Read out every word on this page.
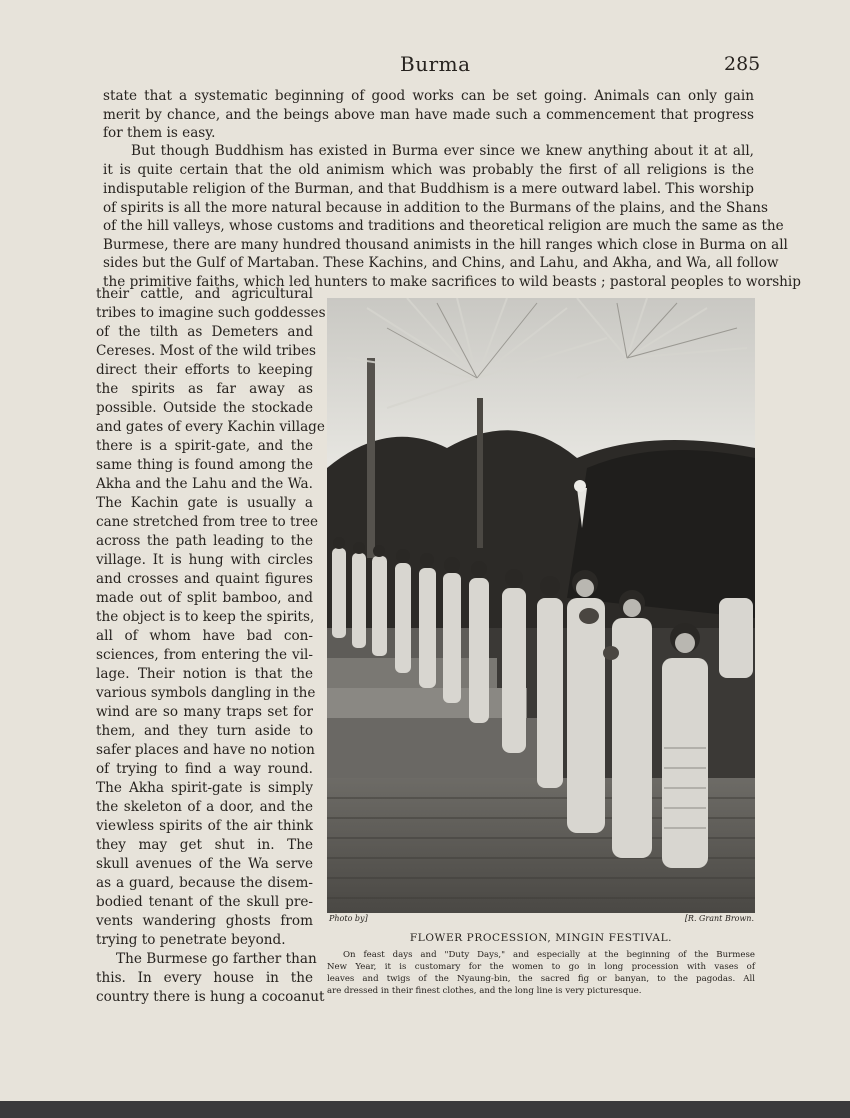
Burma	285
state that a systematic beginning of good works can be set going. Animals can only gain
merit by chance, and the beings above man have made such a commencement that progress
for them is easy.
But though Buddhism has existed in Burma ever since we knew anything about it at all,
it is quite certain that the old animism which was probably the first of all religions is the
indisputable religion of the Burman, and that Buddhism is a mere outward label. This worship
of spirits is all the more natural because in addition to the Burmans of the plains, and the Shans
of the hill valleys, whose customs and traditions and theoretical religion are much the same as the
Burmese, there are many hundred thousand animists in the hill ranges which close in Burma on all
sides but the Gulf of Martaban. These Kachins, and Chins, and Lahu, and Akha, and Wa, all follow
the primitive faiths, which led hunters to make sacrifices to wild beasts ; pastoral peoples to worship
their cattle, and agricultural
tribes to imagine such goddesses
of the tilth as Demeters and
Cereses. Most of the wild tribes
direct their efforts to keeping
the spirits as far away as
possible. Outside the stockade
and gates of every Kachin village
there is a spirit-gate, and the
same thing is found among the
Akha and the Lahu and the Wa.
The Kachin gate is usually a
cane stretched from tree to tree
across the path leading to the
village. It is hung with circles
and crosses and quaint figures
made out of split bamboo, and
the object is to keep the spirits,
all of whom have bad con-
sciences, from entering the vil-
lage. Their notion is that the
various symbols dangling in the
wind are so many traps set for
them, and they turn aside to
safer places and have no notion
of trying to find a way round.
The Akha spirit-gate is simply
the skeleton of a door, and the
viewless spirits of the air think
they may get shut in. The
skull avenues of the Wa serve
as a guard, because the disem-
bodied tenant of the skull pre-
vents wandering ghosts from
trying to penetrate beyond.
The Burmese go farther than
this. In every house in the
country there is hung a cocoanut
Photo by]	[R. Grant Brown.
FLOWER PROCESSION, MINGIN FESTIVAL.
On feast days and "Duty Days," and especially at the beginning of the Burmese
New Year, it is customary for the women to go in long procession with vases of
leaves and twigs of the Nyaung-bin, the sacred fig or banyan, to the pagodas. All
are dressed in their finest clothes, and the long line is very picturesque.
